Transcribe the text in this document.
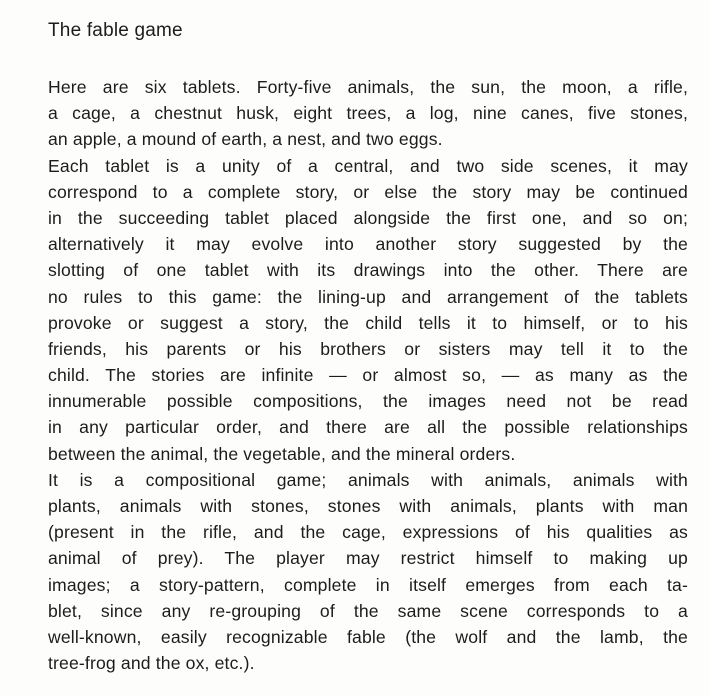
The fable game
Here are six tablets. Forty-five animals, the sun, the moon, a rifle,
a cage, a chestnut husk, eight trees, a log, nine canes, five stones,
an apple, a mound of earth, a nest, and two eggs.
Each tablet is a unity of a central, and two side scenes, it may
correspond to a complete story, or else the story may be continued
in the succeeding tablet placed alongside the first one, and so on;
alternatively it may evolve into another story suggested by the
slotting of one tablet with its drawings into the other. There are
no rules to this game: the lining-up and arrangement of the tablets
provoke or suggest a story, the child tells it to himself, or to his
friends, his parents or his brothers or sisters may tell it to the
child. The stories are infinite — or almost so, — as many as the
innumerable possible compositions, the images need not be read
in any particular order, and there are all the possible relationships
between the animal, the vegetable, and the mineral orders.
It is a compositional game; animals with animals, animals with
plants, animals with stones, stones with animals, plants with man
(present in the rifle, and the cage, expressions of his qualities as
animal of prey). The player may restrict himself to making up
images; a story-pattern, complete in itself emerges from each ta-
blet, since any re-grouping of the same scene corresponds to a
well-known, easily recognizable fable (the wolf and the lamb, the
tree-frog and the ox, etc.).
